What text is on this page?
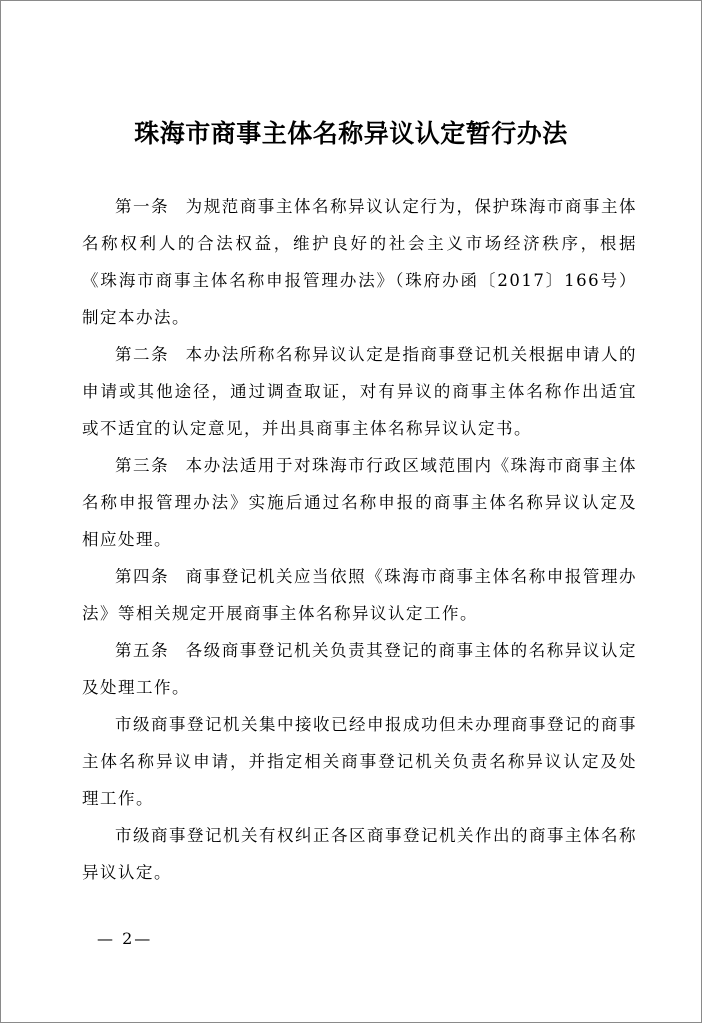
珠海市商事主体名称异议认定暂行办法

第一条 为规范商事主体名称异议认定行为，保护珠海市商事主体名称权利人的合法权益，维护良好的社会主义市场经济秩序，根据《珠海市商事主体名称申报管理办法》（珠府办函〔2017〕166号）制定本办法。

第二条 本办法所称名称异议认定是指商事登记机关根据申请人的申请或其他途径，通过调查取证，对有异议的商事主体名称作出适宜或不适宜的认定意见，并出具商事主体名称异议认定书。

第三条 本办法适用于对珠海市行政区域范围内《珠海市商事主体名称申报管理办法》实施后通过名称申报的商事主体名称异议认定及相应处理。

第四条 商事登记机关应当依照《珠海市商事主体名称申报管理办法》等相关规定开展商事主体名称异议认定工作。

第五条 各级商事登记机关负责其登记的商事主体的名称异议认定及处理工作。

市级商事登记机关集中接收已经申报成功但未办理商事登记的商事主体名称异议申请，并指定相关商事登记机关负责名称异议认定及处理工作。

市级商事登记机关有权纠正各区商事登记机关作出的商事主体名称异议认定。

— 2—
